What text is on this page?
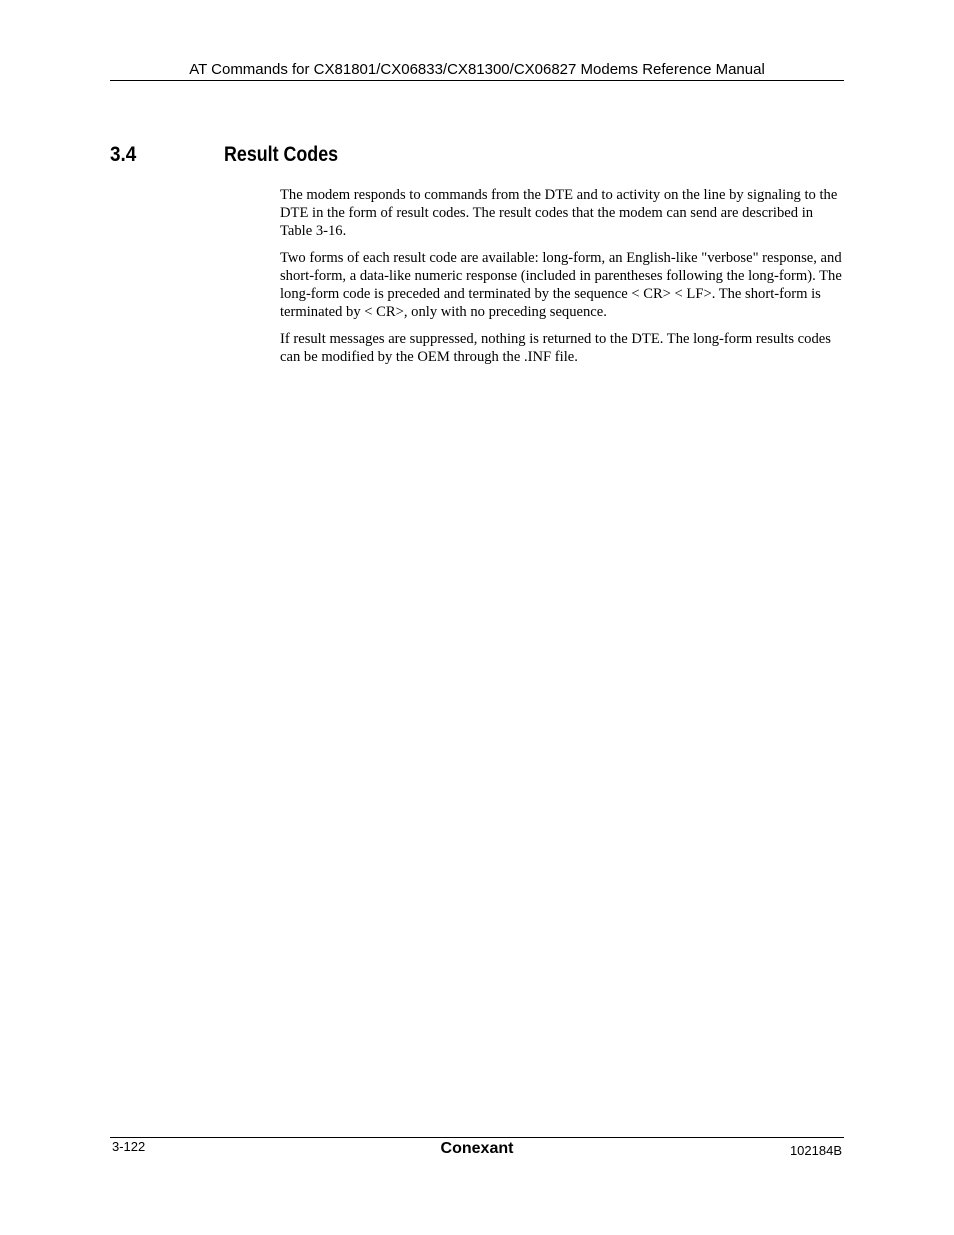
AT Commands for CX81801/CX06833/CX81300/CX06827 Modems Reference Manual
3.4	Result Codes

The modem responds to commands from the DTE and to activity on the line by signaling to the DTE in the form of result codes. The result codes that the modem can send are described in Table 3-16.

Two forms of each result code are available: long-form, an English-like "verbose" response, and short-form, a data-like numeric response (included in parentheses following the long-form). The long-form code is preceded and terminated by the sequence < CR> < LF>. The short-form is terminated by < CR>, only with no preceding sequence.

If result messages are suppressed, nothing is returned to the DTE. The long-form results codes can be modified by the OEM through the .INF file.

3-122	Conexant	102184B
